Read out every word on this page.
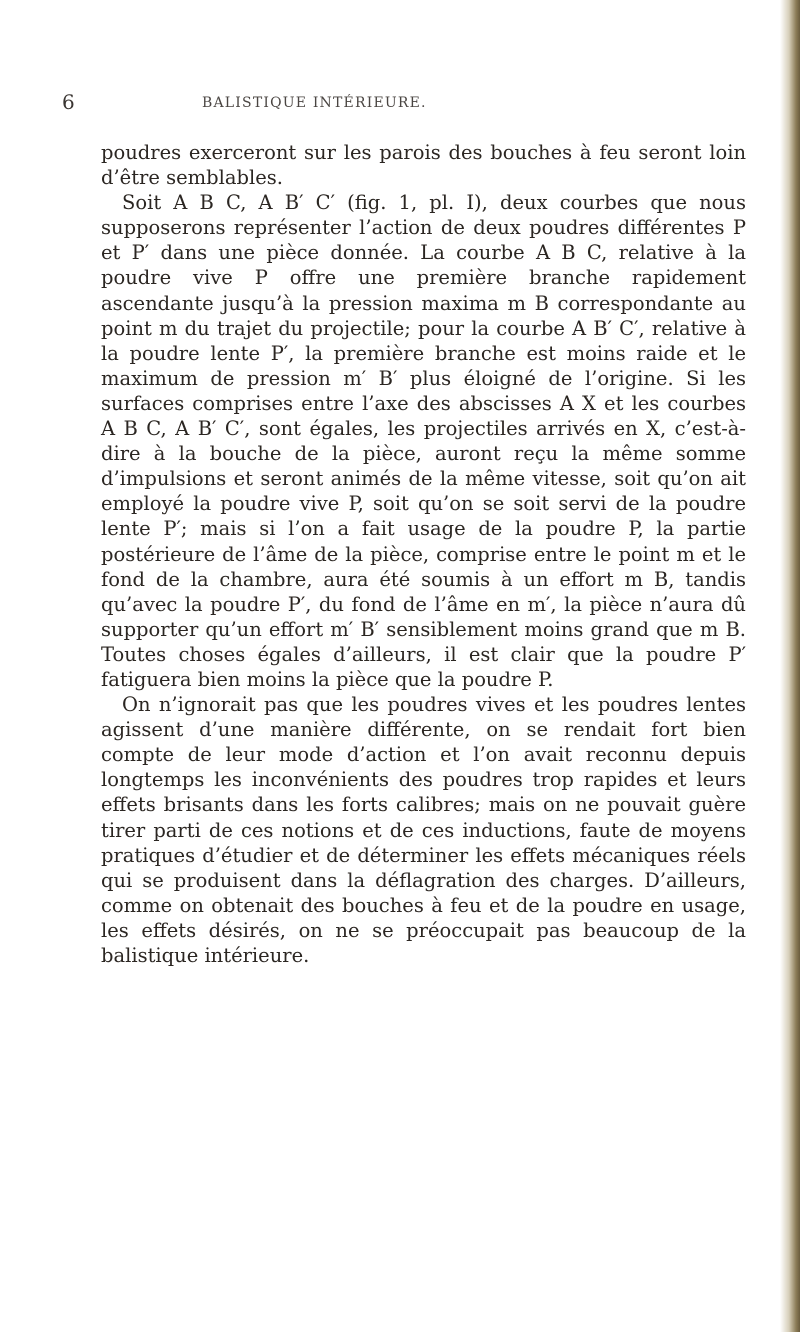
6	BALISTIQUE INTÉRIEURE.

poudres exerceront sur les parois des bouches à feu seront loin d’être semblables.

Soit A B C, A B′ C′ (fig. 1, pl. I), deux courbes que nous supposerons représenter l’action de deux poudres différentes P et P′ dans une pièce donnée. La courbe A B C, relative à la poudre vive P offre une première branche rapidement ascendante jusqu’à la pression maxima m B correspondante au point m du trajet du projectile; pour la courbe A B′ C′, relative à la poudre lente P′, la première branche est moins raide et le maximum de pression m′ B′ plus éloigné de l’origine. Si les surfaces comprises entre l’axe des abscisses A X et les courbes A B C, A B′ C′, sont égales, les projectiles arrivés en X, c’est-à-dire à la bouche de la pièce, auront reçu la même somme d’impulsions et seront animés de la même vitesse, soit qu’on ait employé la poudre vive P, soit qu’on se soit servi de la poudre lente P′; mais si l’on a fait usage de la poudre P, la partie postérieure de l’âme de la pièce, comprise entre le point m et le fond de la chambre, aura été soumis à un effort m B, tandis qu’avec la poudre P′, du fond de l’âme en m′, la pièce n’aura dû supporter qu’un effort m′ B′ sensiblement moins grand que m B. Toutes choses égales d’ailleurs, il est clair que la poudre P′ fatiguera bien moins la pièce que la poudre P.

On n’ignorait pas que les poudres vives et les poudres lentes agissent d’une manière différente, on se rendait fort bien compte de leur mode d’action et l’on avait reconnu depuis longtemps les inconvénients des poudres trop rapides et leurs effets brisants dans les forts calibres; mais on ne pouvait guère tirer parti de ces notions et de ces inductions, faute de moyens pratiques d’étudier et de déterminer les effets mécaniques réels qui se produisent dans la déflagration des charges. D’ailleurs, comme on obtenait des bouches à feu et de la poudre en usage, les effets désirés, on ne se préoccupait pas beaucoup de la balistique intérieure.
